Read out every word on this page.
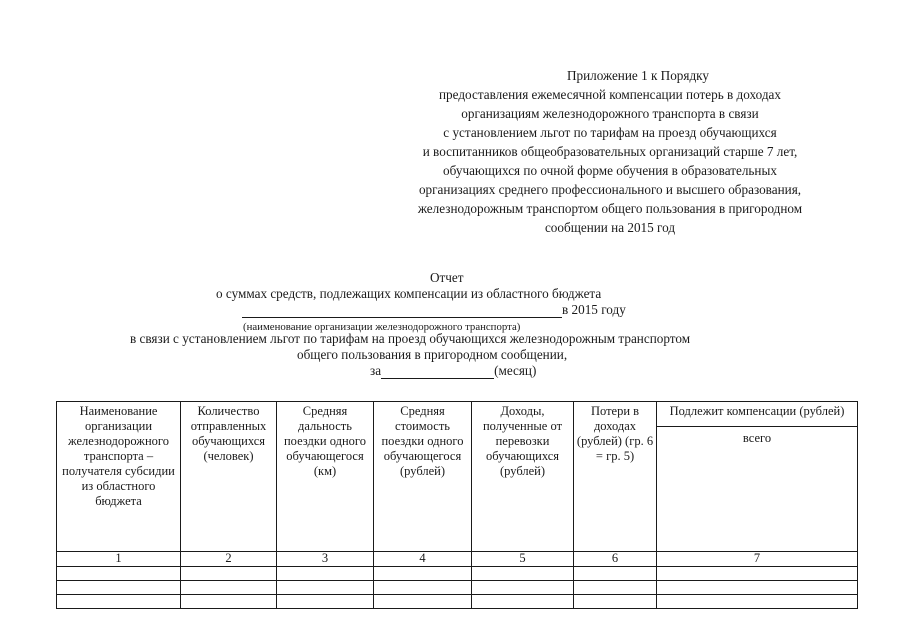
Приложение 1 к Порядку
предоставления ежемесячной компенсации потерь в доходах
организациям железнодорожного транспорта в связи
с установлением льгот по тарифам на проезд обучающихся
и воспитанников общеобразовательных организаций старше 7 лет,
обучающихся по очной форме обучения в образовательных
организациях среднего профессионального и высшего образования,
железнодорожным транспортом общего пользования в пригородном
сообщении на 2015 год
Отчет
о суммах средств, подлежащих компенсации из областного бюджета
в 2015 году
(наименование организации железнодорожного транспорта)
в связи с установлением льгот по тарифам на проезд обучающихся железнодорожным транспортом
общего пользования в пригородном сообщении,
за	(месяц)
Наименование организации железнодорожного транспорта – получателя субсидии из областного бюджета	Количество отправленных обучающихся (человек)	Средняя дальность поездки одного обучающегося (км)	Средняя стоимость поездки одного обучающегося (рублей)	Доходы, полученные от перевозки обучающихся (рублей)	Потери в доходах (рублей) (гр. 6 = гр. 5)	Подлежит компенсации (рублей)
						всего
1	2	3	4	5	6	7
